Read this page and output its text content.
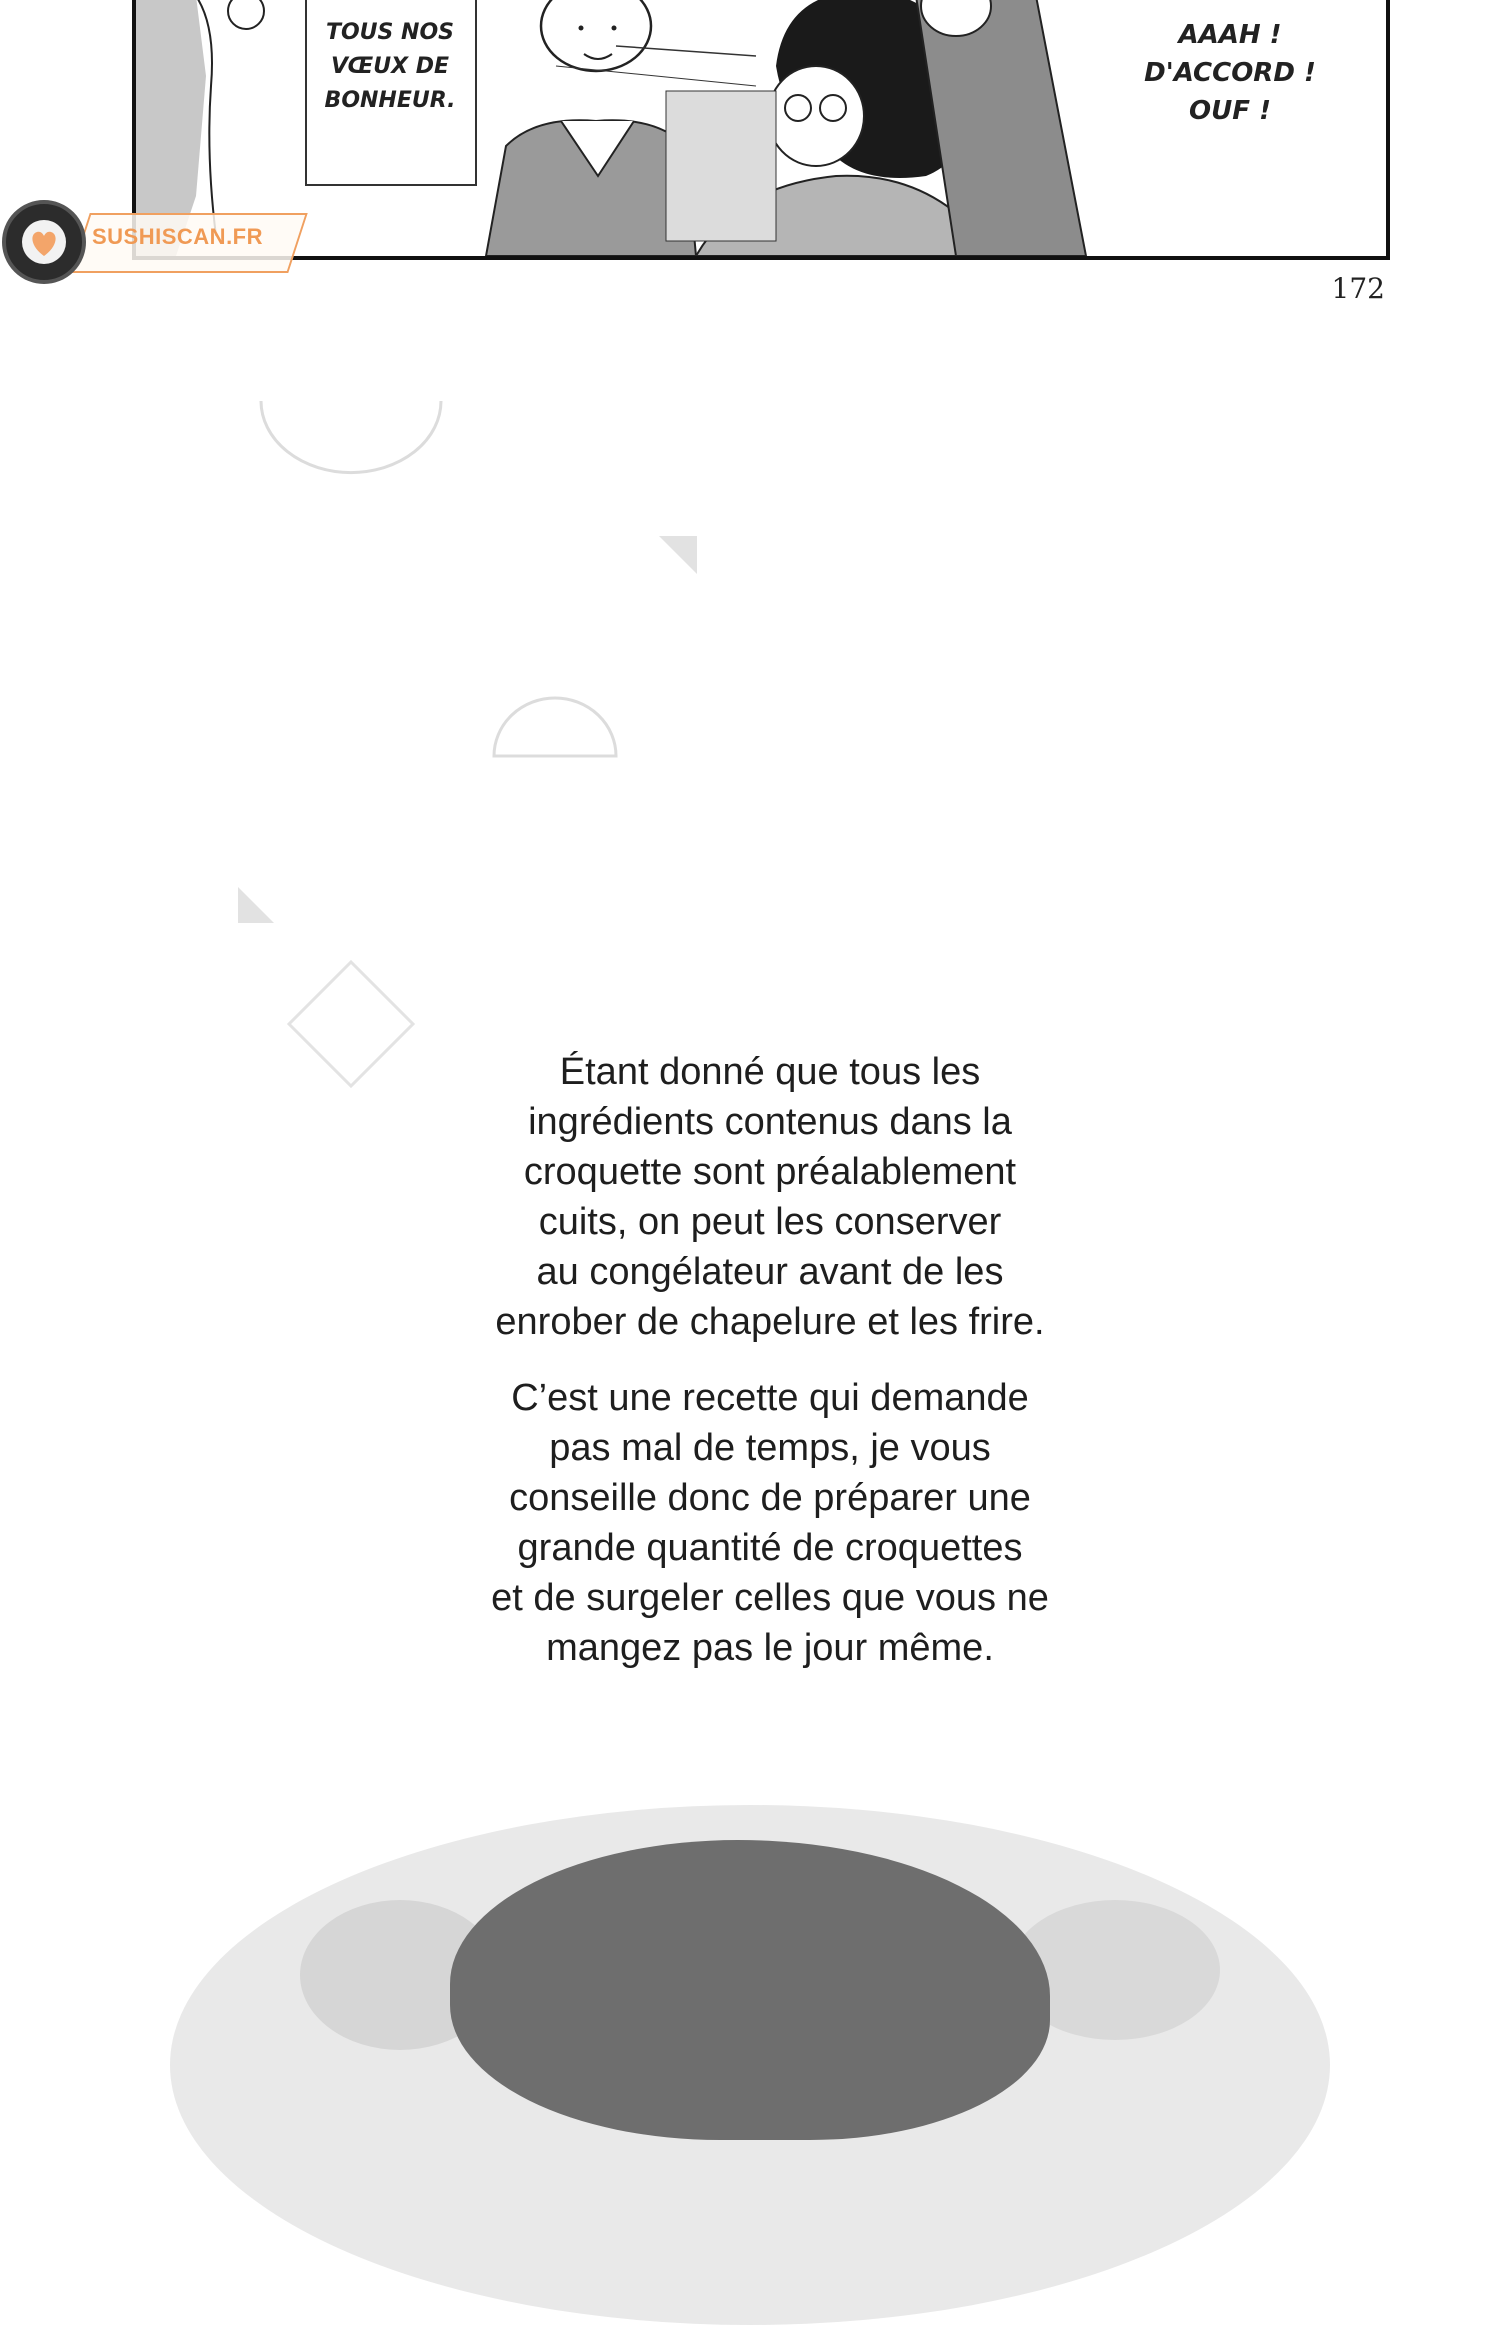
TOUS NOS
VŒUX DE
BONHEUR.
AAAH !
D'ACCORD !
OUF !
172
SUSHISCAN.FR
Étant donné que tous les
ingrédients contenus dans la
croquette sont préalablement
cuits, on peut les conserver
au congélateur avant de les
enrober de chapelure et les frire.
C’est une recette qui demande
pas mal de temps, je vous
conseille donc de préparer une
grande quantité de croquettes
et de surgeler celles que vous ne
mangez pas le jour même.
